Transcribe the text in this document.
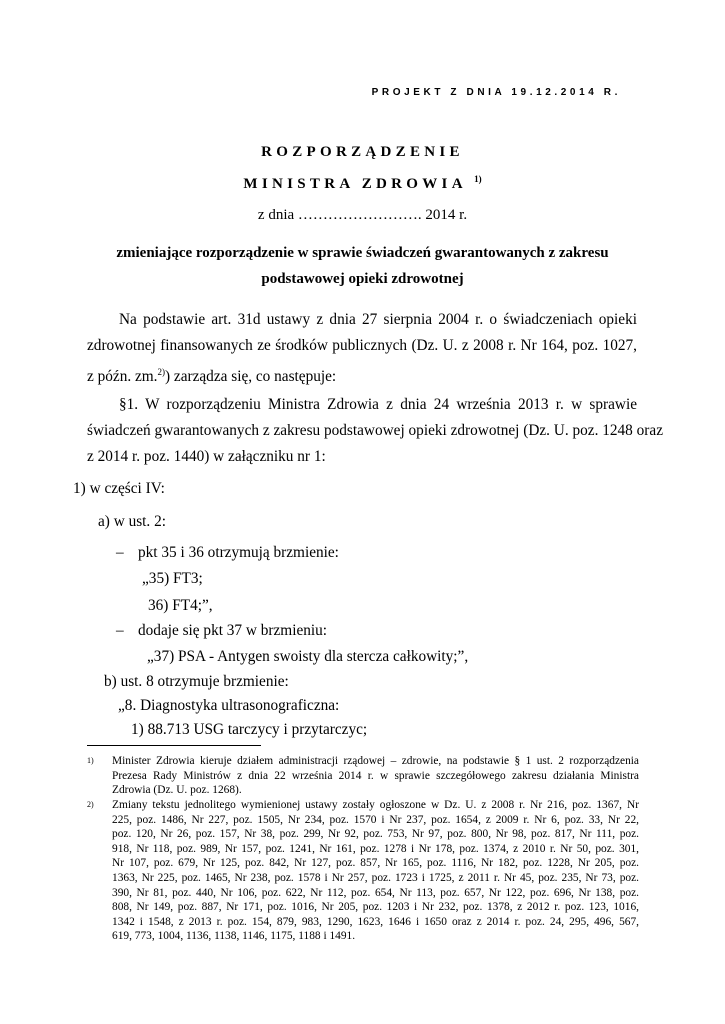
PROJEKT Z DNIA 19.12.2014 R.
ROZPORZĄDZENIE
MINISTRA ZDROWIA $^{1)}$
z dnia ……………………. 2014 r.
zmieniające rozporządzenie w sprawie świadczeń gwarantowanych z zakresu
podstawowej opieki zdrowotnej
Na podstawie art. 31d ustawy z dnia 27 sierpnia 2004 r. o świadczeniach opieki
zdrowotnej finansowanych ze środków publicznych (Dz. U. z 2008 r. Nr 164, poz. 1027,
z późn. zm.$^{2)}$) zarządza się, co następuje:
§1. W rozporządzeniu Ministra Zdrowia z dnia 24 września 2013 r. w sprawie
świadczeń gwarantowanych z zakresu podstawowej opieki zdrowotnej (Dz. U. poz. 1248 oraz
z 2014 r. poz. 1440) w załączniku nr 1:
1) w części IV:
a) w ust. 2:
– pkt 35 i 36 otrzymują brzmienie:
„35) FT3;
36) FT4;”,
– dodaje się pkt 37 w brzmieniu:
„37) PSA - Antygen swoisty dla sterczа całkowity;”,
b) ust. 8 otrzymuje brzmienie:
„8. Diagnostyka ultrasonograficzna:
1) 88.713 USG tarczycy i przytarczyc;
1) Minister Zdrowia kieruje działem administracji rządowej – zdrowie, na podstawie § 1 ust. 2 rozporządzenia
Prezesa Rady Ministrów z dnia 22 września 2014 r. w sprawie szczegółowego zakresu działania Ministra
Zdrowia (Dz. U. poz. 1268).
2) Zmiany tekstu jednolitego wymienionej ustawy zostały ogłoszone w Dz. U. z 2008 r. Nr 216, poz. 1367, Nr
225, poz. 1486, Nr 227, poz. 1505, Nr 234, poz. 1570 i Nr 237, poz. 1654, z 2009 r. Nr 6, poz. 33, Nr 22,
poz. 120, Nr 26, poz. 157, Nr 38, poz. 299, Nr 92, poz. 753, Nr 97, poz. 800, Nr 98, poz. 817, Nr 111, poz.
918, Nr 118, poz. 989, Nr 157, poz. 1241, Nr 161, poz. 1278 i Nr 178, poz. 1374, z 2010 r. Nr 50, poz. 301,
Nr 107, poz. 679, Nr 125, poz. 842, Nr 127, poz. 857, Nr 165, poz. 1116, Nr 182, poz. 1228, Nr 205, poz.
1363, Nr 225, poz. 1465, Nr 238, poz. 1578 i Nr 257, poz. 1723 i 1725, z 2011 r. Nr 45, poz. 235, Nr 73, poz.
390, Nr 81, poz. 440, Nr 106, poz. 622, Nr 112, poz. 654, Nr 113, poz. 657, Nr 122, poz. 696, Nr 138, poz.
808, Nr 149, poz. 887, Nr 171, poz. 1016, Nr 205, poz. 1203 i Nr 232, poz. 1378, z 2012 r. poz. 123, 1016,
1342 i 1548, z 2013 r. poz. 154, 879, 983, 1290, 1623, 1646 i 1650 oraz z 2014 r. poz. 24, 295, 496, 567,
619, 773, 1004, 1136, 1138, 1146, 1175, 1188 i 1491.
